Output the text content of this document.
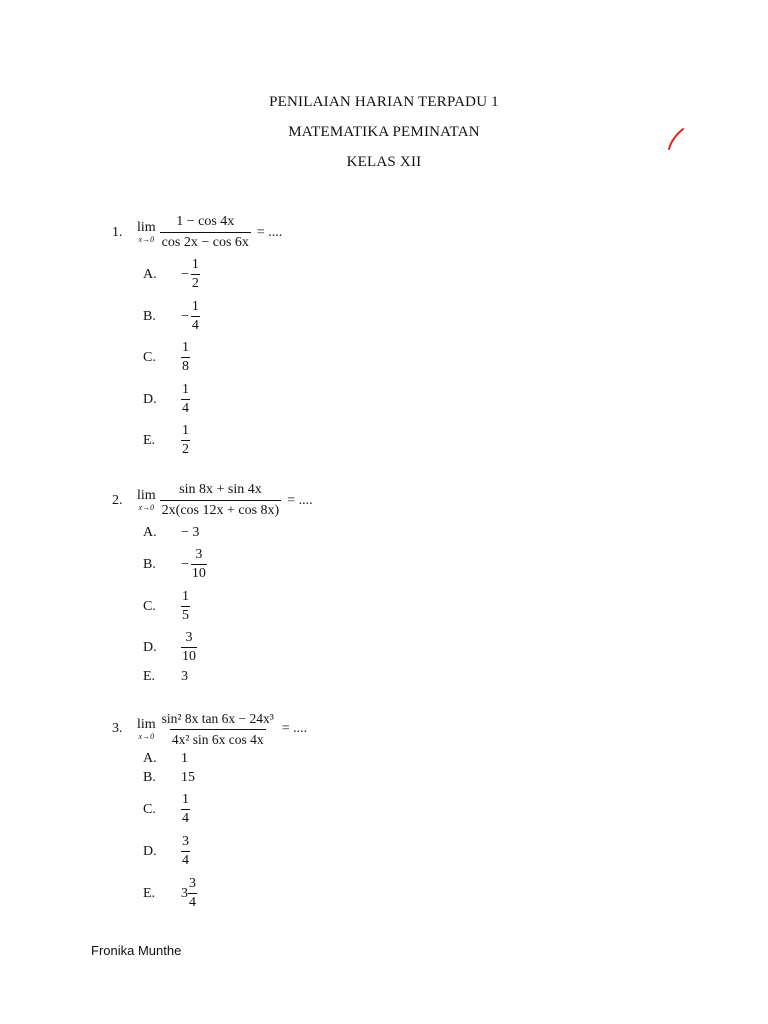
PENILAIAN HARIAN TERPADU 1
MATEMATIKA PEMINATAN
KELAS XII
1.	lim
$x\to 0 \frac{1 - \cos 4x}{\cos 2x - \cos 6x}$ = ....
A.	− $\frac{1}{2}$
B.	− $\frac{1}{4}$
C.	$\frac{1}{8}$
D.	$\frac{1}{4}$
E.	$\frac{1}{2}$
2.	lim
$x\to 0 \frac{\sin 8x + \sin 4x}{2x(\cos 12x + \cos 8x)}$ = ....
A.	− 3
B.	− $\frac{3}{10}$
C.	$\frac{1}{5}$
D.	$\frac{3}{10}$
E.	3
3.	lim
$x\to 0 \frac{\text{sin² 8x tan 6x − 24x³}}{\text{4x² sin 6x cos 4x}}$ = ....
A.	1
B.	15
C.	$\frac{1}{4}$
D.	$\frac{3}{4}$
E.	$3 \frac{3}{4}$
Fronika Munthe
